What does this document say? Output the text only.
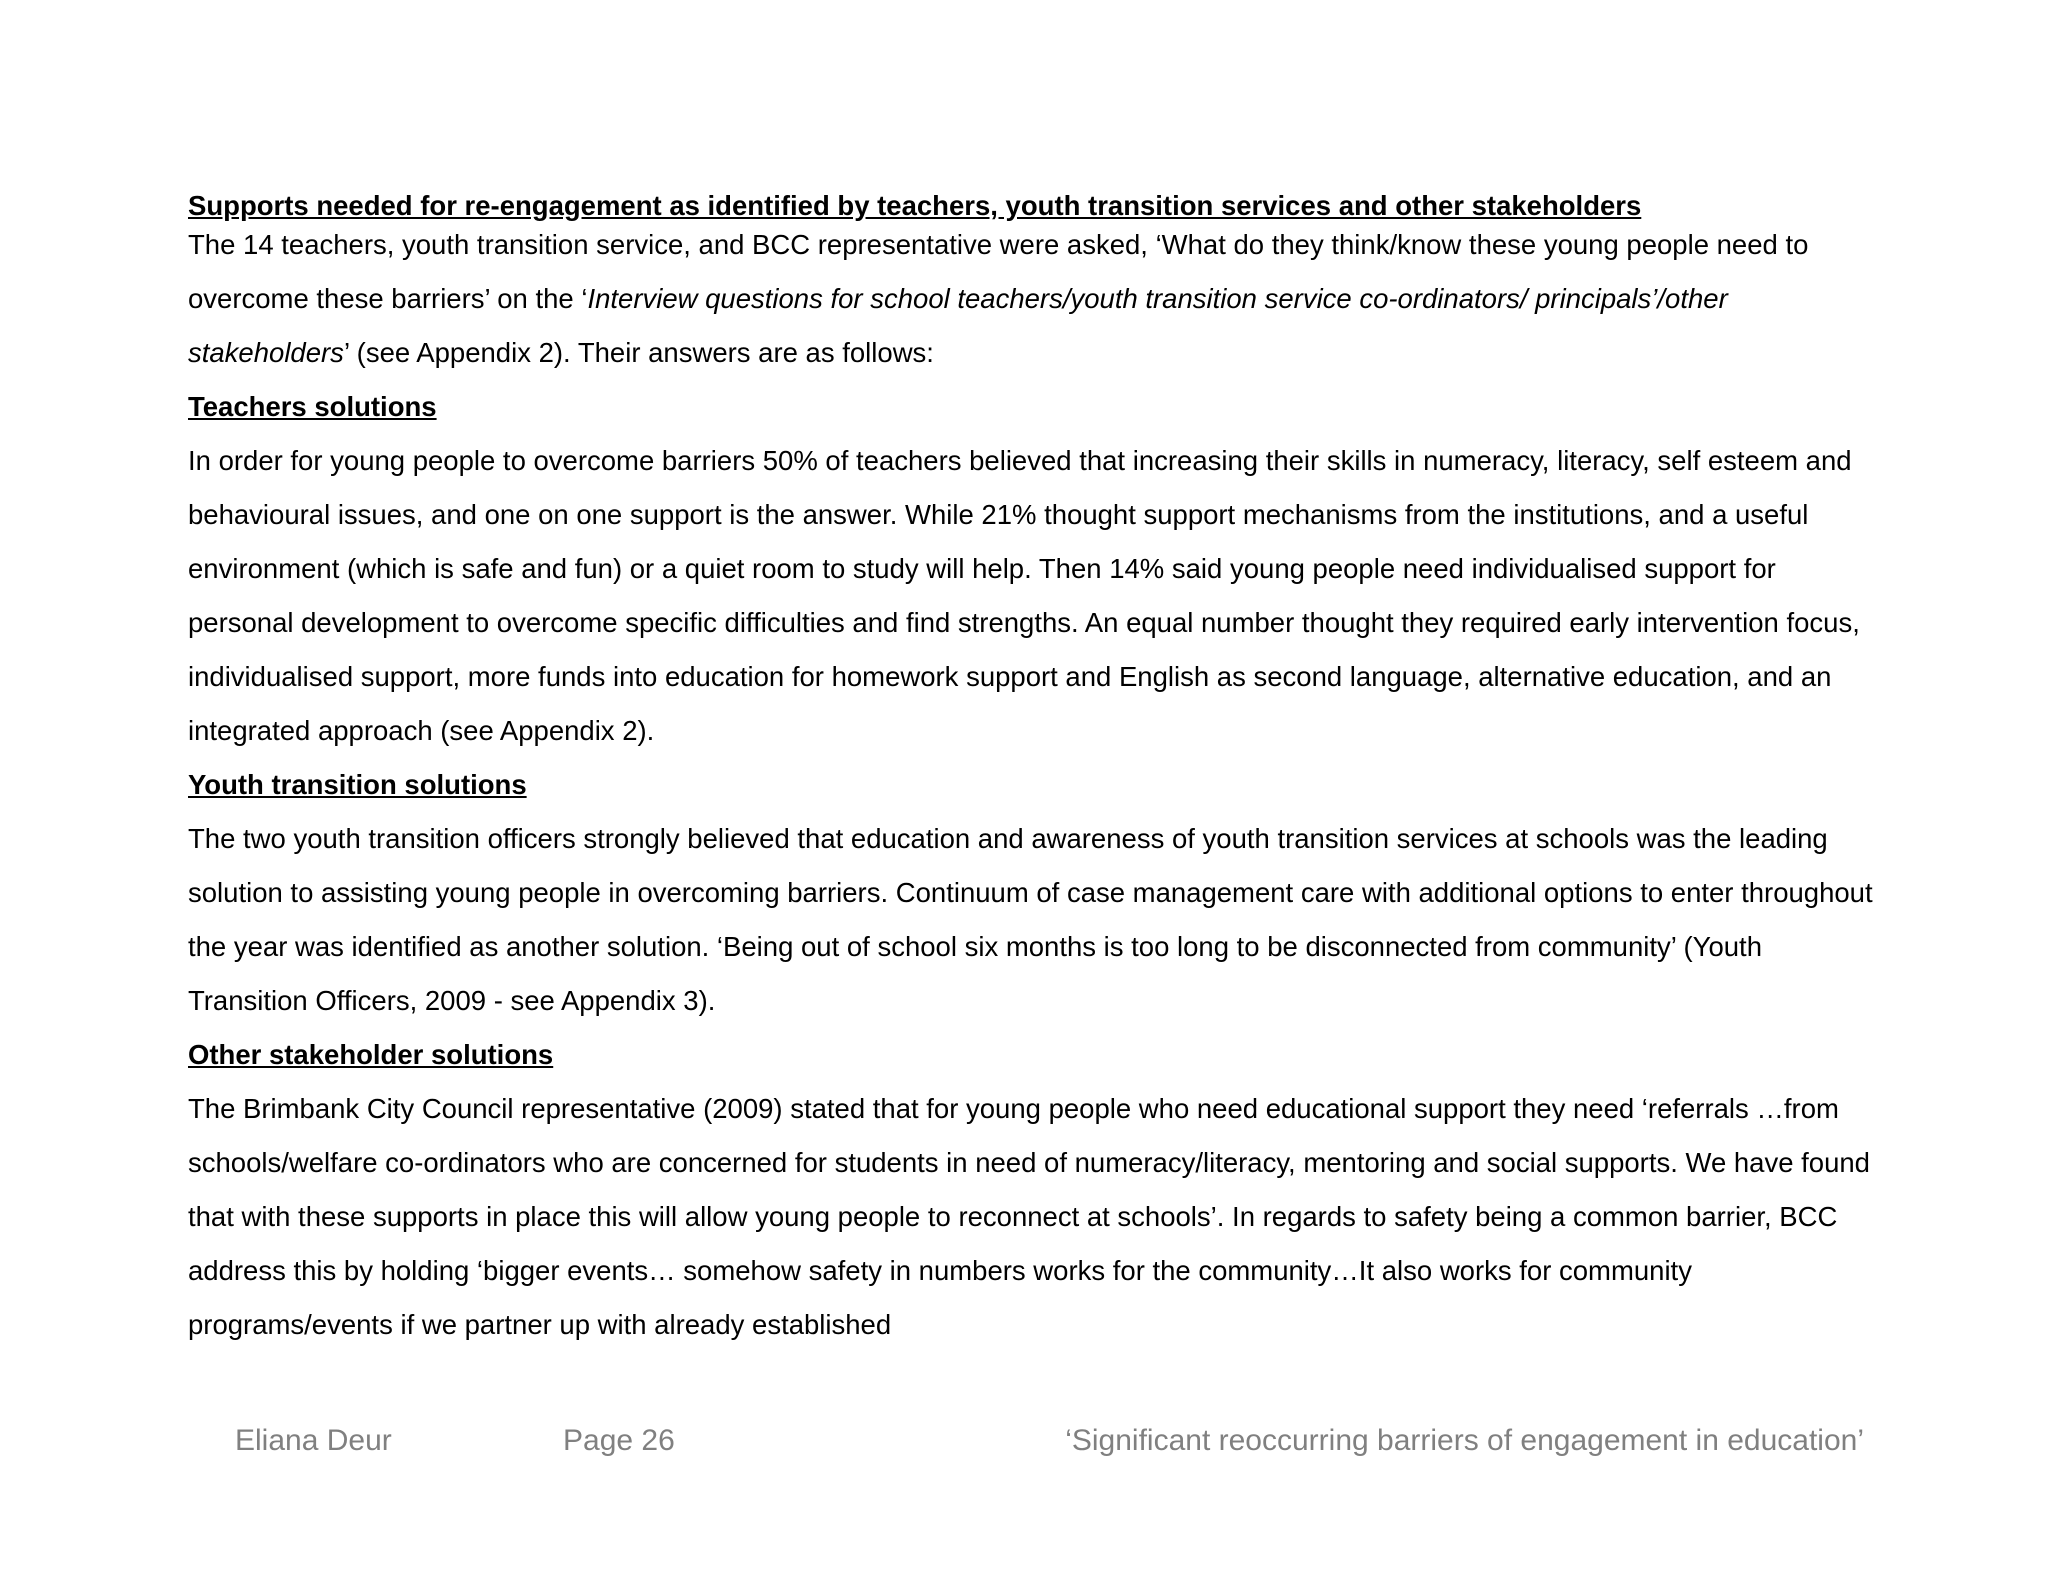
Supports needed for re-engagement as identified by teachers, youth transition services and other stakeholders

The 14 teachers, youth transition service, and BCC representative were asked, ‘What do they think/know these young people need to overcome these barriers’ on the ‘Interview questions for school teachers/youth transition service co-ordinators/ principals’/other stakeholders’ (see Appendix 2). Their answers are as follows:

Teachers solutions

In order for young people to overcome barriers 50% of teachers believed that increasing their skills in numeracy, literacy, self esteem and behavioural issues, and one on one support is the answer. While 21% thought support mechanisms from the institutions, and a useful environment (which is safe and fun) or a quiet room to study will help. Then 14% said young people need individualised support for personal development to overcome specific difficulties and find strengths. An equal number thought they required early intervention focus, individualised support, more funds into education for homework support and English as second language, alternative education, and an integrated approach (see Appendix 2).

Youth transition solutions

The two youth transition officers strongly believed that education and awareness of youth transition services at schools was the leading solution to assisting young people in overcoming barriers. Continuum of case management care with additional options to enter throughout the year was identified as another solution. ‘Being out of school six months is too long to be disconnected from community’ (Youth Transition Officers, 2009 - see Appendix 3).

Other stakeholder solutions

The Brimbank City Council representative (2009) stated that for young people who need educational support they need ‘referrals …from schools/welfare co-ordinators who are concerned for students in need of numeracy/literacy, mentoring and social supports. We have found that with these supports in place this will allow young people to reconnect at schools’. In regards to safety being a common barrier, BCC address this by holding ‘bigger events… somehow safety in numbers works for the community…It also works for community programs/events if we partner up with already established

Eliana Deur	Page 26	‘Significant reoccurring barriers of engagement in education’
